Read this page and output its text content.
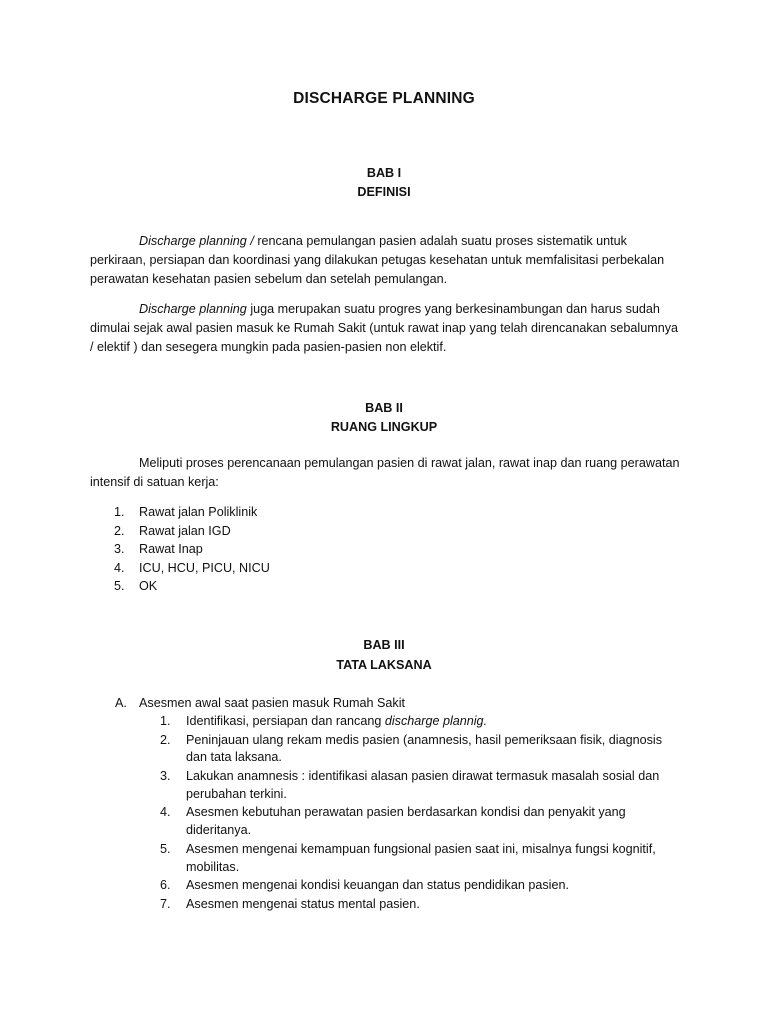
DISCHARGE PLANNING
BAB I
DEFINISI

Discharge planning / rencana pemulangan pasien adalah suatu proses sistematik untuk perkiraan, persiapan dan koordinasi yang dilakukan petugas kesehatan untuk memfalisitasi perbekalan perawatan kesehatan pasien sebelum dan setelah pemulangan.

Discharge planning juga merupakan suatu progres yang berkesinambungan dan harus sudah dimulai sejak awal pasien masuk ke Rumah Sakit (untuk rawat inap yang telah direncanakan sebalumnya / elektif ) dan sesegera mungkin pada pasien-pasien non elektif.

BAB II
RUANG LINGKUP

Meliputi proses perencanaan pemulangan pasien di rawat jalan, rawat inap dan ruang perawatan intensif di satuan kerja:

1. Rawat jalan Poliklinik
2. Rawat jalan IGD
3. Rawat Inap
4. ICU, HCU, PICU, NICU
5. OK
BAB III
TATA LAKSANA
A. Asesmen awal saat pasien masuk Rumah Sakit
1. Identifikasi, persiapan dan rancang discharge plannig.
2. Peninjauan ulang rekam medis pasien (anamnesis, hasil pemeriksaan fisik, diagnosis dan tata laksana.
3. Lakukan anamnesis : identifikasi alasan pasien dirawat termasuk masalah sosial dan perubahan terkini.
4. Asesmen kebutuhan perawatan pasien berdasarkan kondisi dan penyakit yang dideritanya.
5. Asesmen mengenai kemampuan fungsional pasien saat ini, misalnya fungsi kognitif, mobilitas.
6. Asesmen mengenai kondisi keuangan dan status pendidikan pasien.
7. Asesmen mengenai status mental pasien.
